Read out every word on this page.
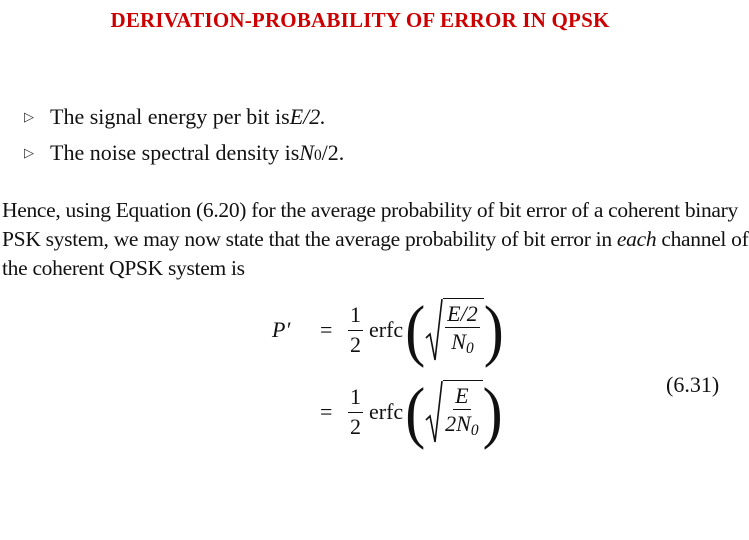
DERIVATION-PROBABILITY OF ERROR IN QPSK
▷ The signal energy per bit is E/2.
▷ The noise spectral density is N 0 /2.
Hence, using Equation (6.20) for the average probability of bit error of a coherent binary
PSK system, we may now state that the average probability of bit error in each channel of
the coherent QPSK system is
P′	= $\frac{1}{2}$ erfc ( $\frac{E/2}{N_0}$ )
= $\frac{1}{2}$ erfc ( $\frac{E}{2N_0}$ )	(6.31)
